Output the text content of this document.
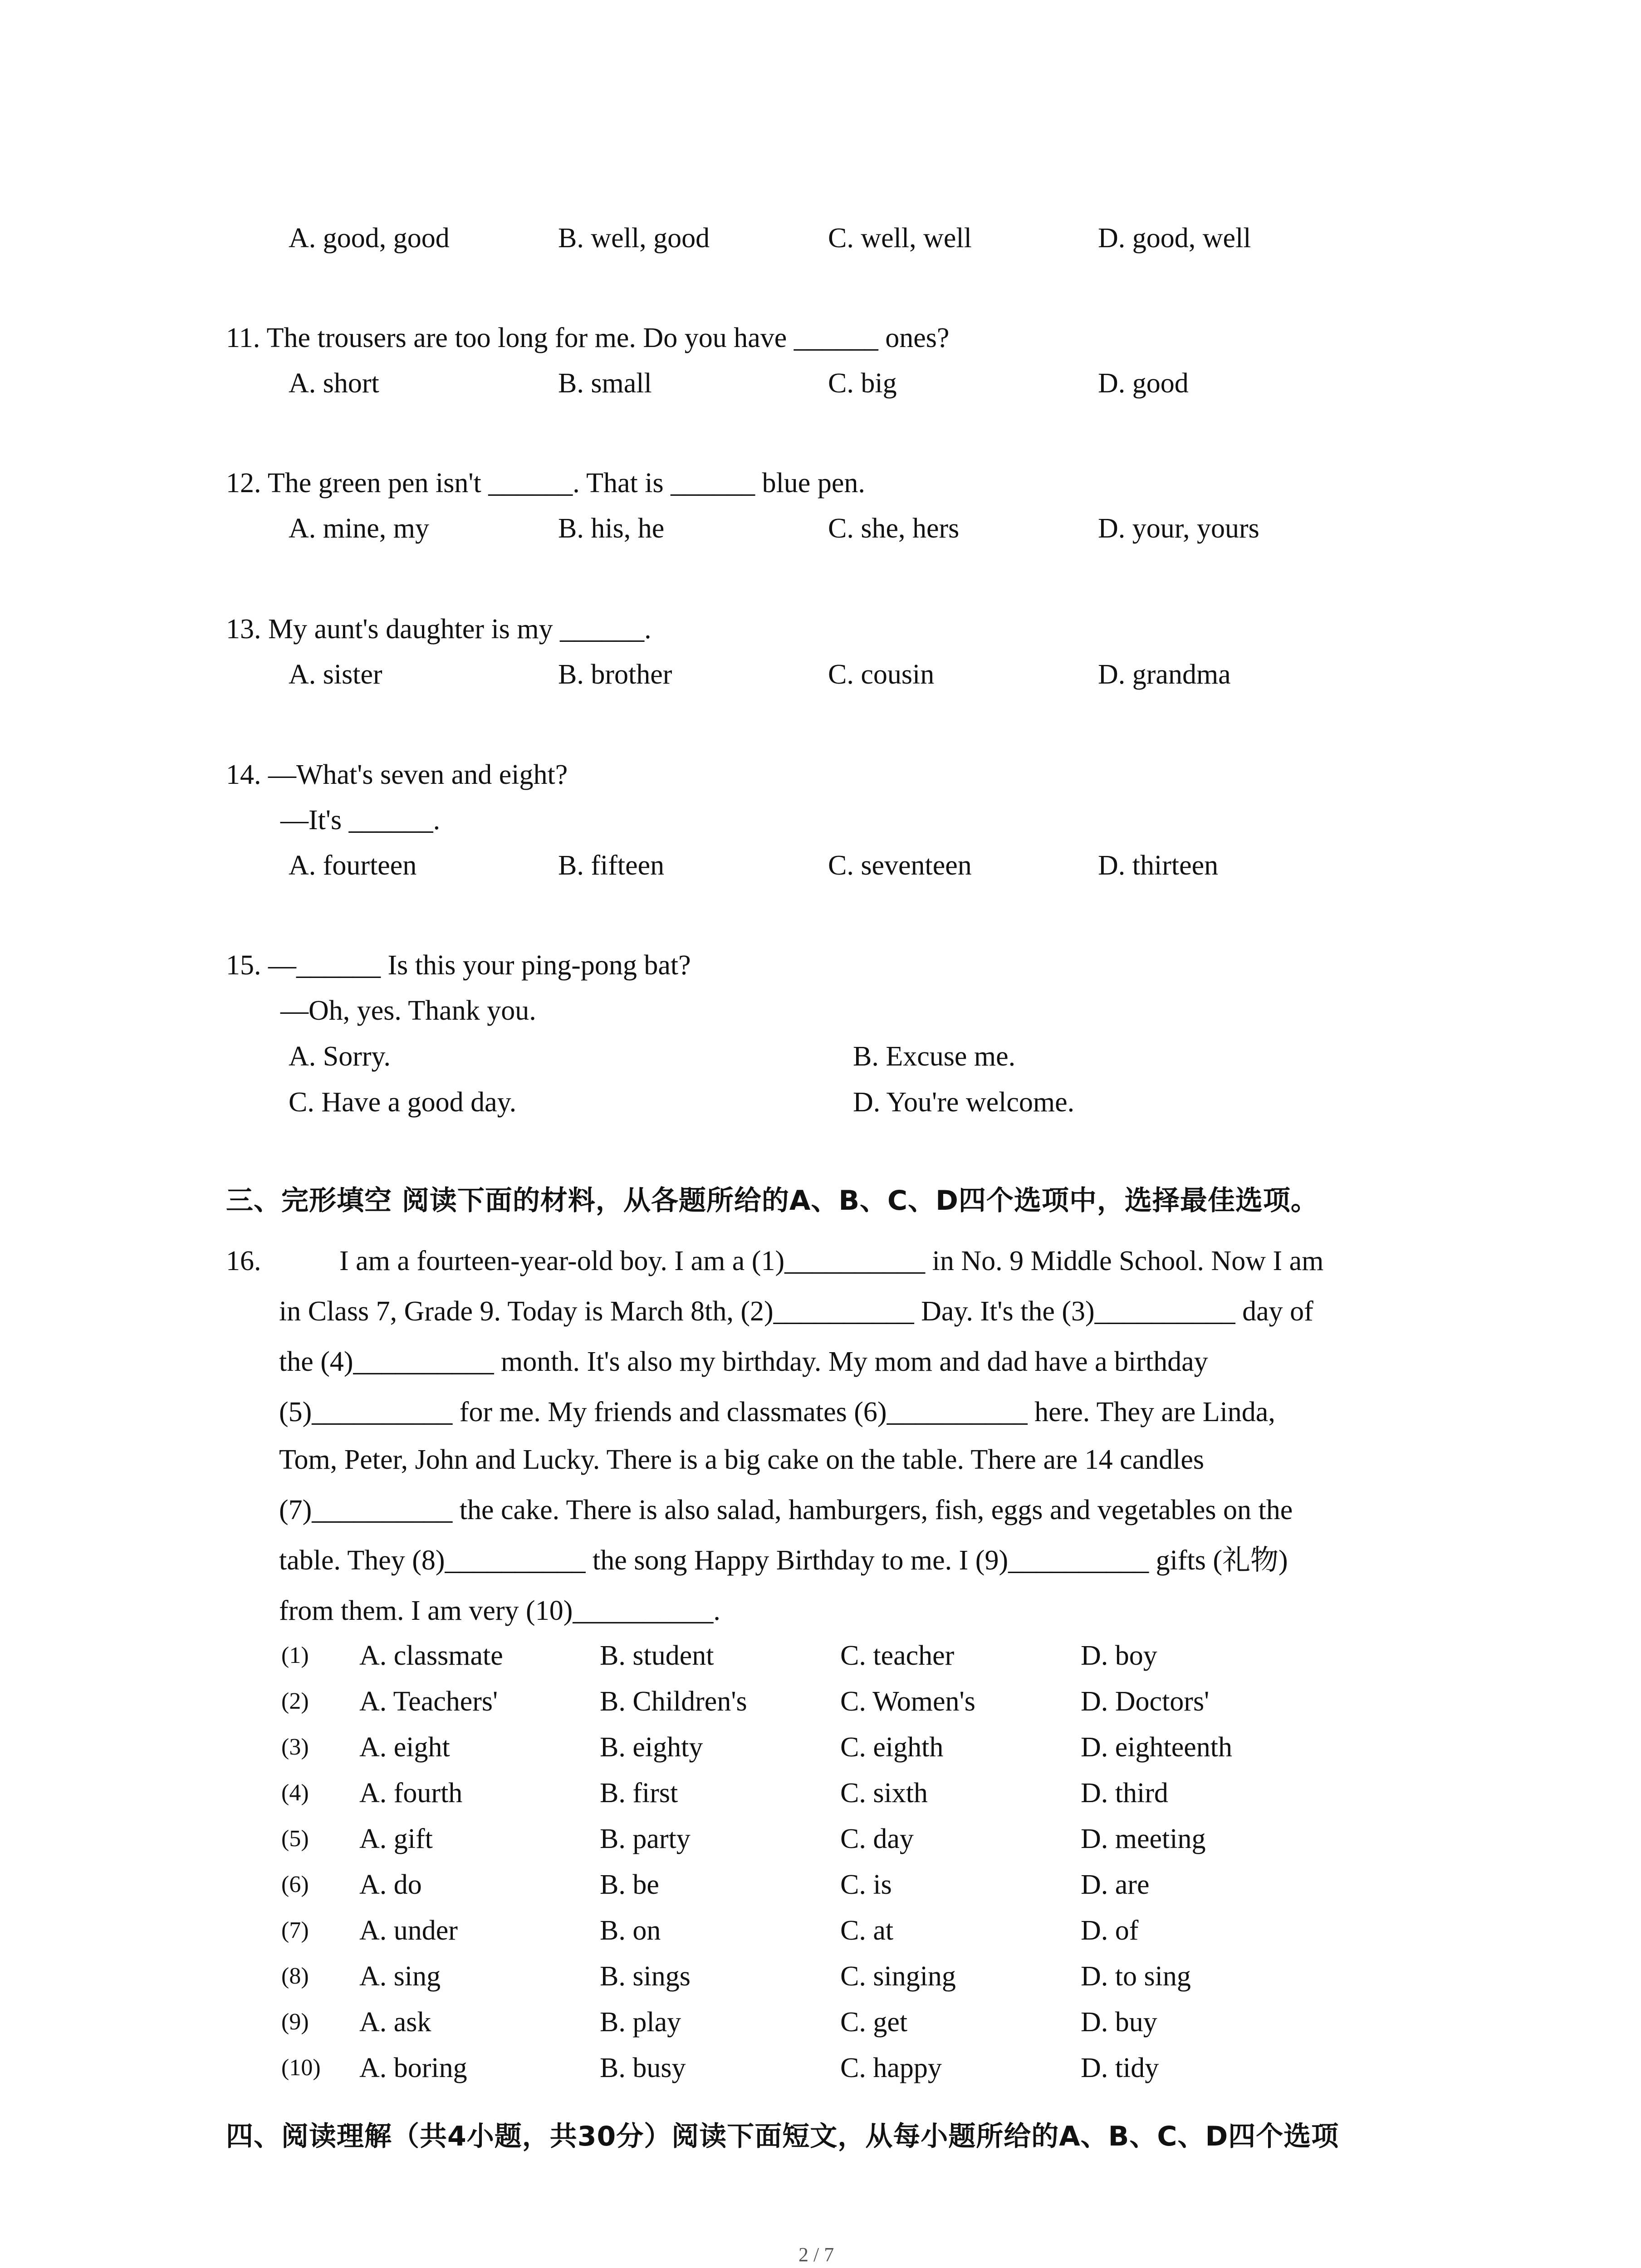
A. good, good	B. well, good	C. well, well	D. good, well
11. The trousers are too long for me. Do you have ______ ones?
A. short	B. small	C. big	D. good
12. The green pen isn't ______. That is ______ blue pen.
A. mine, my	B. his, he	C. she, hers	D. your, yours
13. My aunt's daughter is my ______.
A. sister	B. brother	C. cousin	D. grandma
14. —What's seven and eight?
—It's ______.
A. fourteen	B. fifteen	C. seventeen	D. thirteen
15. —______ Is this your ping-pong bat?
—Oh, yes. Thank you.
A. Sorry.	B. Excuse me.
C. Have a good day.	D. You're welcome.
三、完形填空 阅读下面的材料，从各题所给的A、B、C、D四个选项中，选择最佳选项。
16.	I am a fourteen-year-old boy. I am a (1)__________ in No. 9 Middle School. Now I am
in Class 7, Grade 9. Today is March 8th, (2)__________ Day. It's the (3)__________ day of
the (4)__________ month. It's also my birthday. My mom and dad have a birthday
(5)__________ for me. My friends and classmates (6)__________ here. They are Linda,
Tom, Peter, John and Lucky. There is a big cake on the table. There are 14 candles
(7)__________ the cake. There is also salad, hamburgers, fish, eggs and vegetables on the
table. They (8)__________ the song Happy Birthday to me. I (9)__________ gifts (礼物)
from them. I am very (10)__________.
(1) A. classmate	B. student	C. teacher	D. boy
(2) A. Teachers'	B. Children's	C. Women's	D. Doctors'
(3) A. eight	B. eighty	C. eighth	D. eighteenth
(4) A. fourth	B. first	C. sixth	D. third
(5) A. gift	B. party	C. day	D. meeting
(6) A. do	B. be	C. is	D. are
(7) A. under	B. on	C. at	D. of
(8) A. sing	B. sings	C. singing	D. to sing
(9) A. ask	B. play	C. get	D. buy
(10) A. boring	B. busy	C. happy	D. tidy
四、阅读理解（共4小题，共30分）阅读下面短文，从每小题所给的A、B、C、D四个选项
2 / 7
